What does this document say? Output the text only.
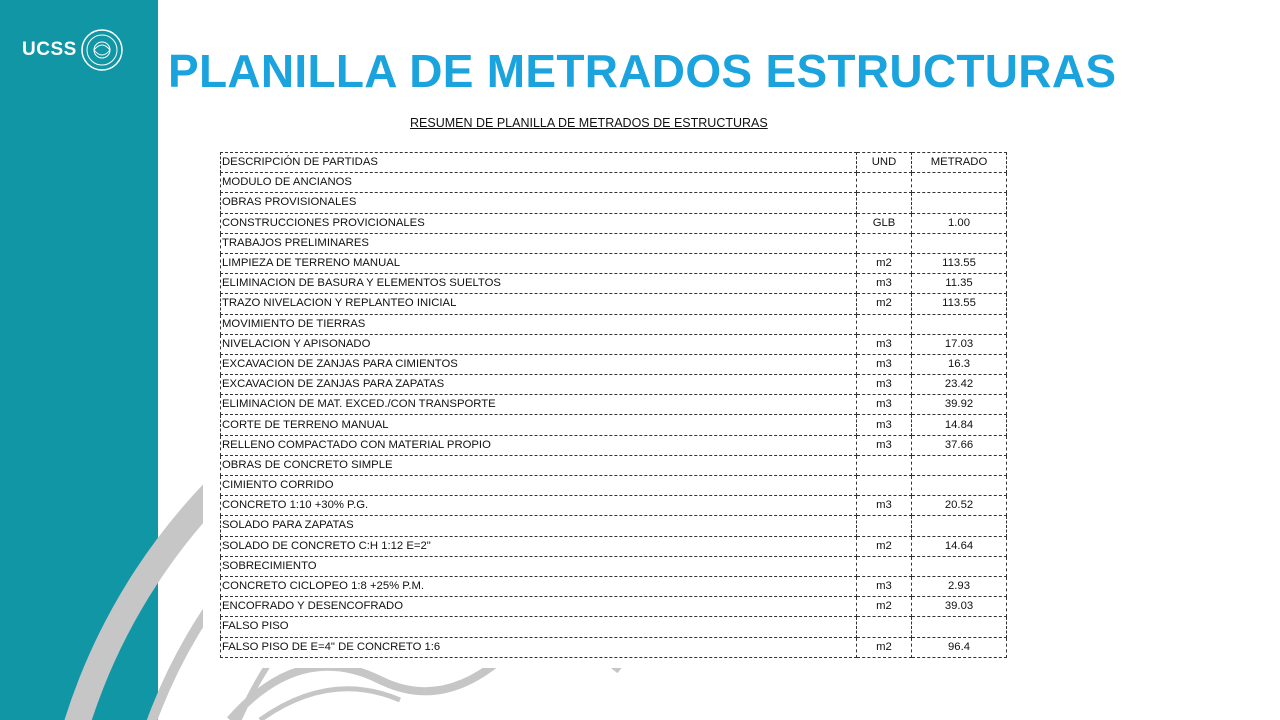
UCSS PLANILLA DE METRADOS ESTRUCTURAS

RESUMEN DE PLANILLA DE METRADOS DE ESTRUCTURAS

DESCRIPCIÓN DE PARTIDAS	UND	METRADO
MODULO DE ANCIANOS		
OBRAS PROVISIONALES		
CONSTRUCCIONES PROVICIONALES	GLB	1.00
TRABAJOS PRELIMINARES		
LIMPIEZA DE TERRENO MANUAL	m2	113.55
ELIMINACION DE BASURA Y ELEMENTOS SUELTOS	m3	11.35
TRAZO NIVELACION Y REPLANTEO INICIAL	m2	113.55
MOVIMIENTO DE TIERRAS		
NIVELACION Y APISONADO	m3	17.03
EXCAVACION DE ZANJAS PARA CIMIENTOS	m3	16.3
EXCAVACION DE ZANJAS PARA ZAPATAS	m3	23.42
ELIMINACION DE MAT. EXCED./CON TRANSPORTE	m3	39.92
CORTE DE TERRENO MANUAL	m3	14.84
RELLENO COMPACTADO CON MATERIAL PROPIO	m3	37.66
OBRAS DE CONCRETO SIMPLE		
CIMIENTO CORRIDO		
CONCRETO 1:10 +30% P.G.	m3	20.52
SOLADO PARA ZAPATAS		
SOLADO DE CONCRETO C:H 1:12 E=2"	m2	14.64
SOBRECIMIENTO		
CONCRETO CICLOPEO 1:8 +25% P.M.	m3	2.93
ENCOFRADO Y DESENCOFRADO	m2	39.03
FALSO PISO		
FALSO PISO DE E=4" DE CONCRETO 1:6	m2	96.4
